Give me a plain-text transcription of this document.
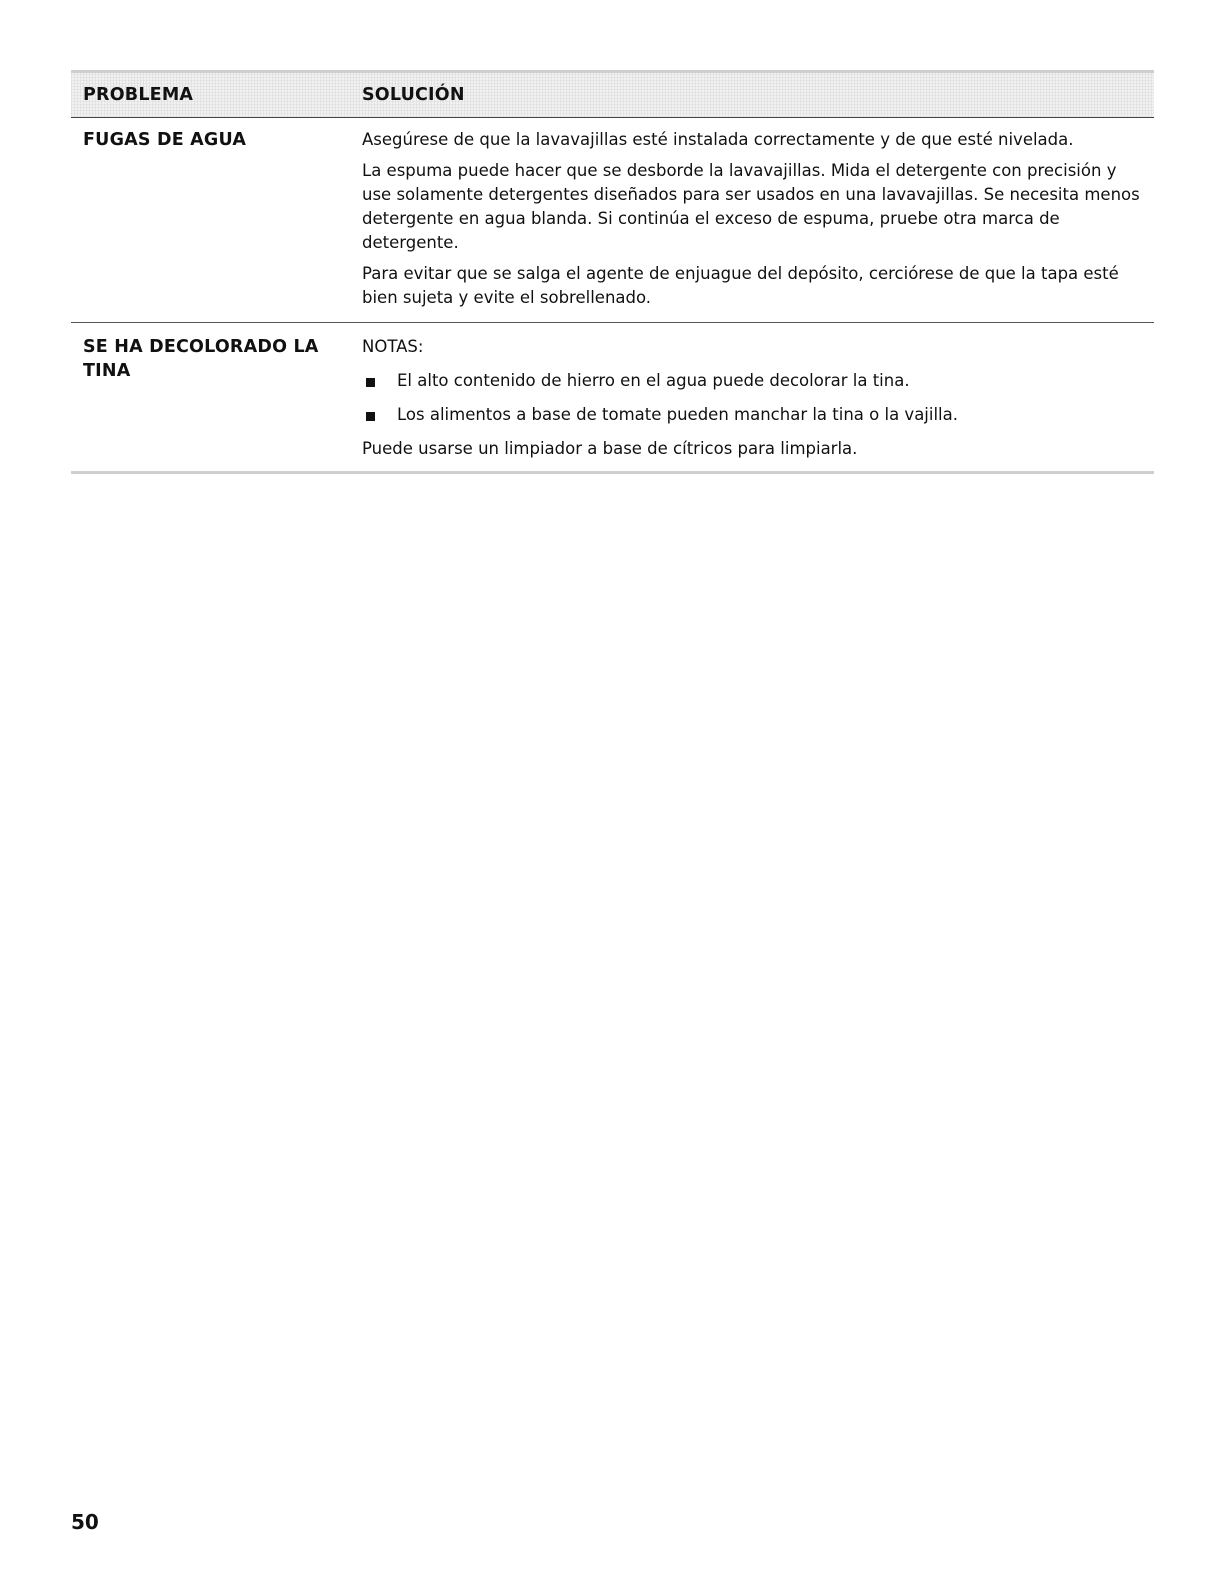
PROBLEMA	SOLUCIÓN
FUGAS DE AGUA	Asegúrese de que la lavavajillas esté instalada correctamente y de que esté nivelada.

La espuma puede hacer que se desborde la lavavajillas. Mida el detergente con precisión y use solamente detergentes diseñados para ser usados en una lavavajillas. Se necesita menos detergente en agua blanda. Si continúa el exceso de espuma, pruebe otra marca de detergente.

Para evitar que se salga el agente de enjuague del depósito, cerciórese de que la tapa esté bien sujeta y evite el sobrellenado.

SE HA DECOLORADO LA TINA
NOTAS:
El alto contenido de hierro en el agua puede decolorar la tina.
Los alimentos a base de tomate pueden manchar la tina o la vajilla.
Puede usarse un limpiador a base de cítricos para limpiarla.
50
